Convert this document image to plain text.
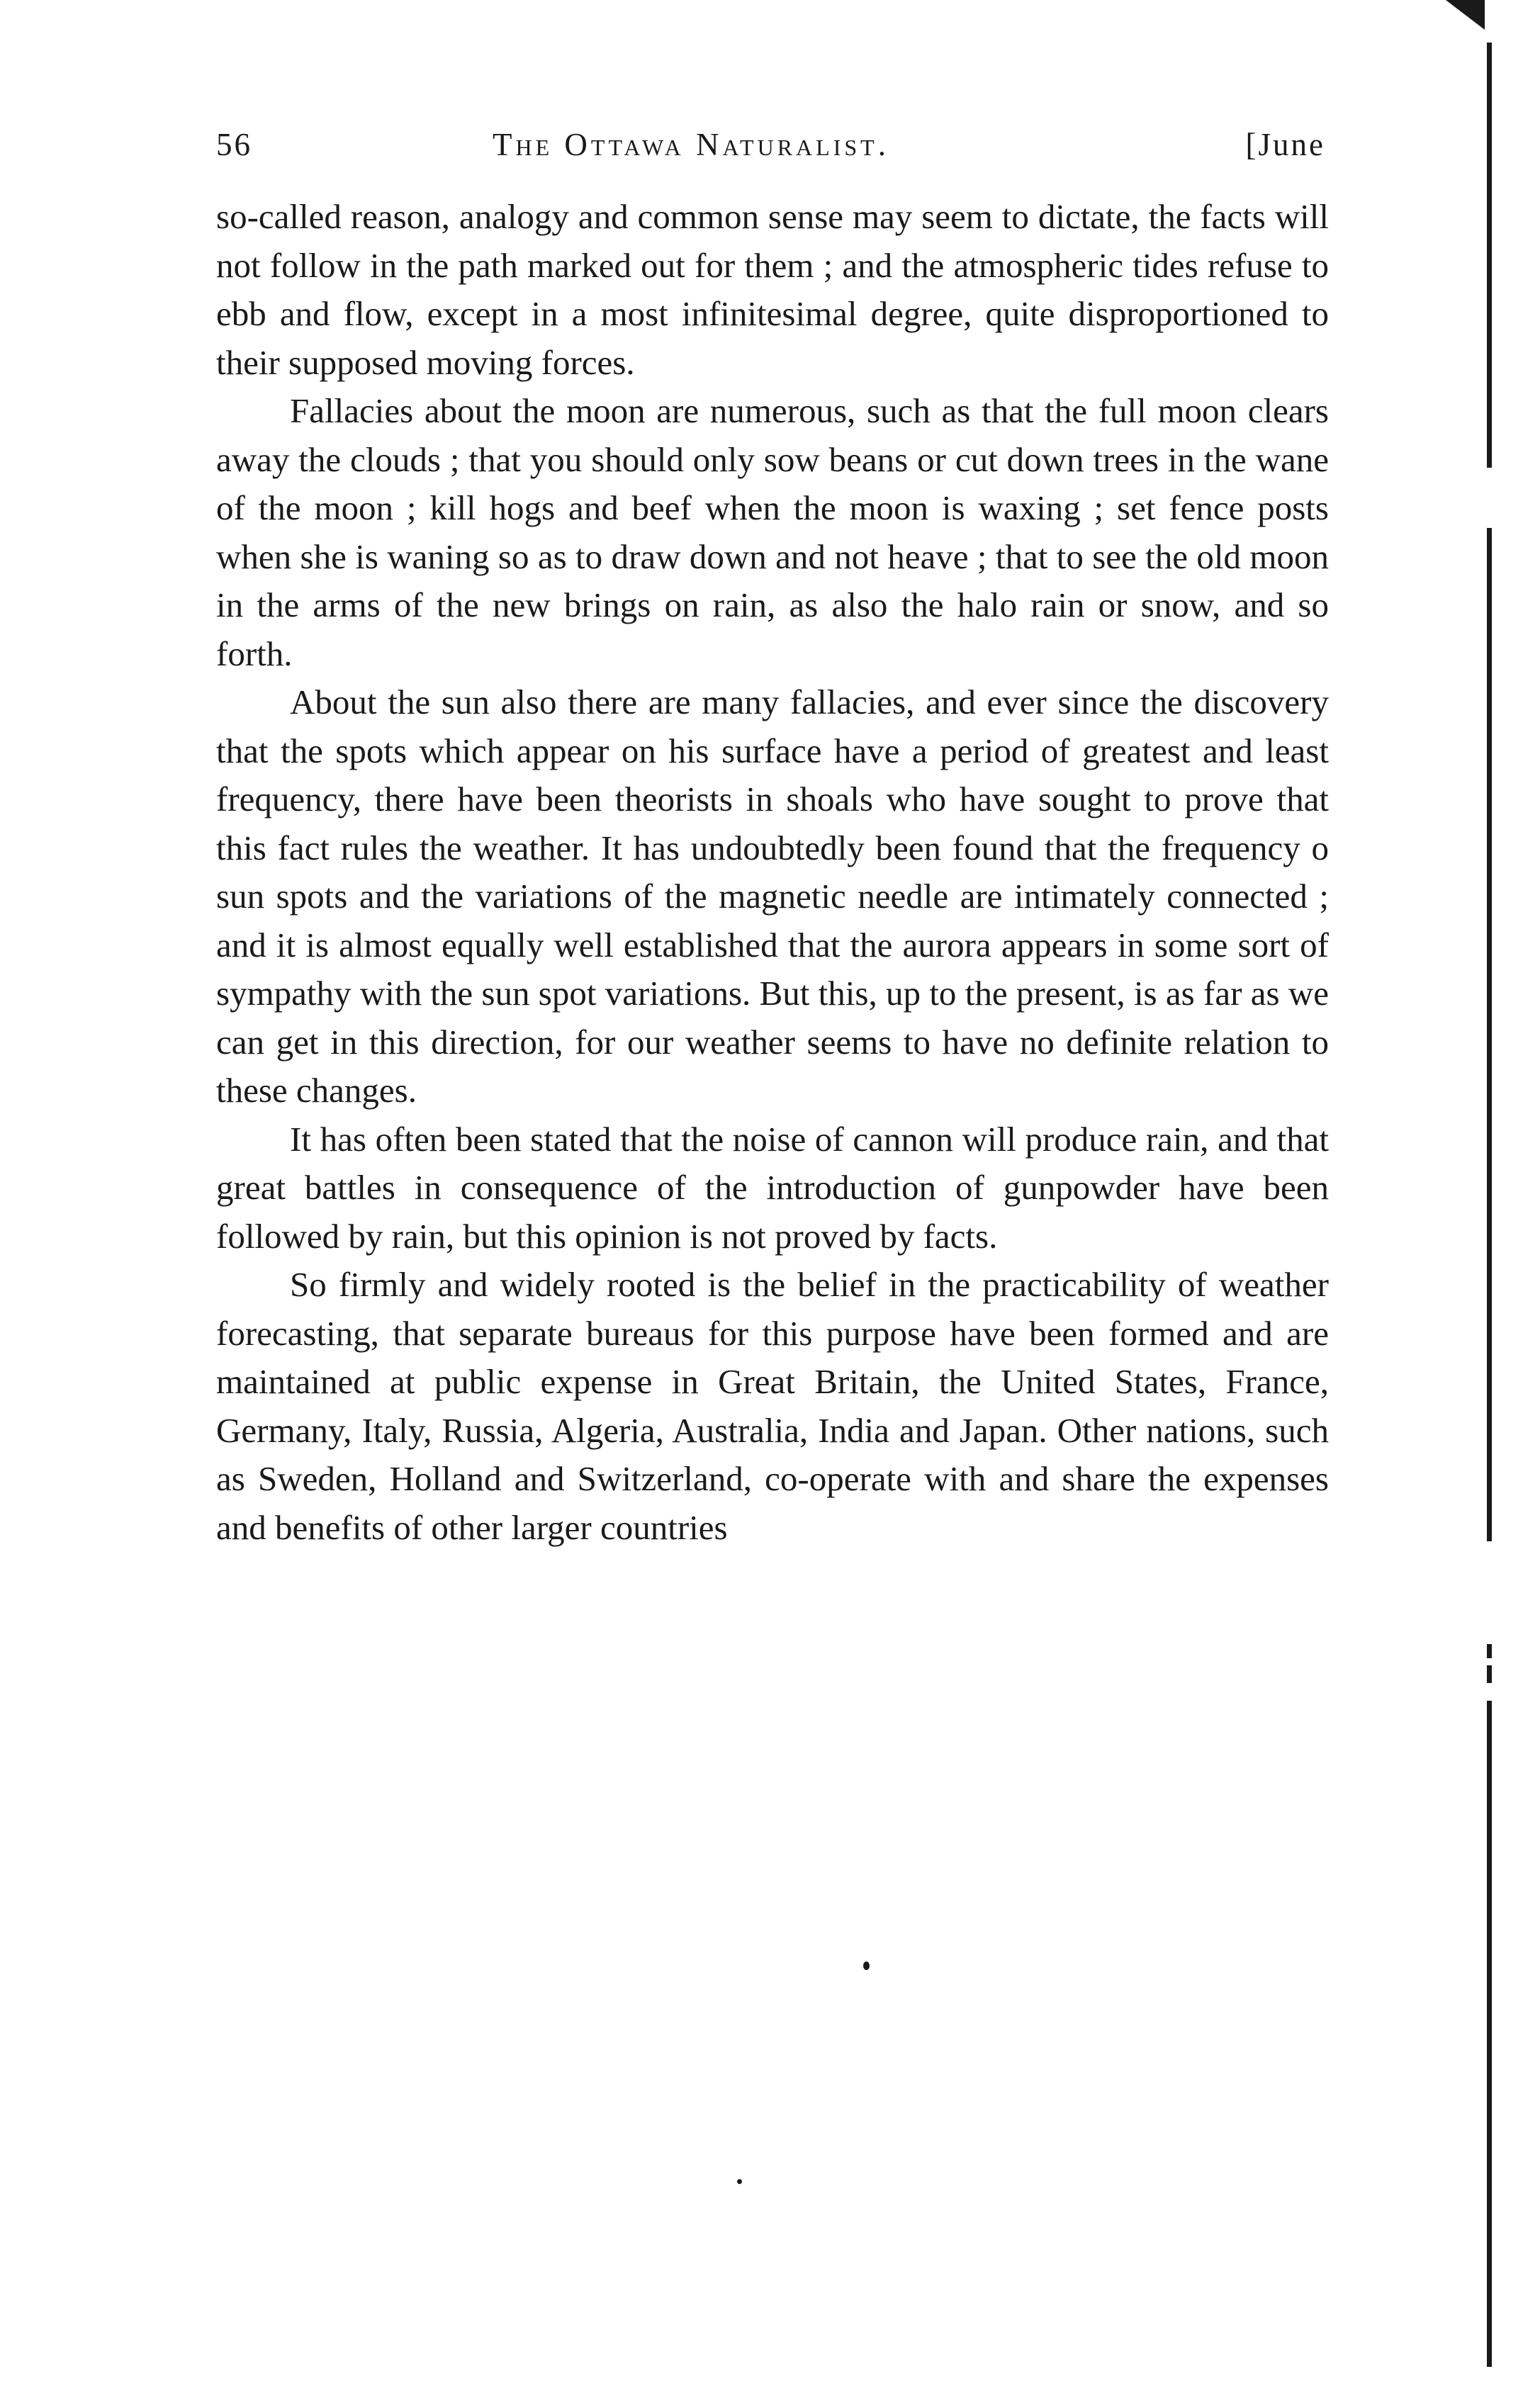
56	The Ottawa Naturalist.	[June

so-called reason, analogy and common sense may seem to dictate, the facts will not follow in the path marked out for them ; and the atmospheric tides refuse to ebb and flow, except in a most infinitesimal degree, quite disproportioned to their supposed moving forces.

Fallacies about the moon are numerous, such as that the full moon clears away the clouds ; that you should only sow beans or cut down trees in the wane of the moon ; kill hogs and beef when the moon is waxing ; set fence posts when she is waning so as to draw down and not heave ; that to see the old moon in the arms of the new brings on rain, as also the halo rain or snow, and so forth.

About the sun also there are many fallacies, and ever since the discovery that the spots which appear on his surface have a period of greatest and least frequency, there have been theorists in shoals who have sought to prove that this fact rules the weather. It has undoubtedly been found that the frequency o sun spots and the variations of the magnetic needle are intimately connected ; and it is almost equally well established that the aurora appears in some sort of sympathy with the sun spot variations. But this, up to the present, is as far as we can get in this direction, for our weather seems to have no definite relation to these changes.

It has often been stated that the noise of cannon will produce rain, and that great battles in consequence of the introduction of gunpowder have been followed by rain, but this opinion is not proved by facts.

So firmly and widely rooted is the belief in the practicability of weather forecasting, that separate bureaus for this purpose have been formed and are maintained at public expense in Great Britain, the United States, France, Germany, Italy, Russia, Algeria, Australia, India and Japan. Other nations, such as Sweden, Holland and Switzerland, co-operate with and share the expenses and benefits of other larger countries
